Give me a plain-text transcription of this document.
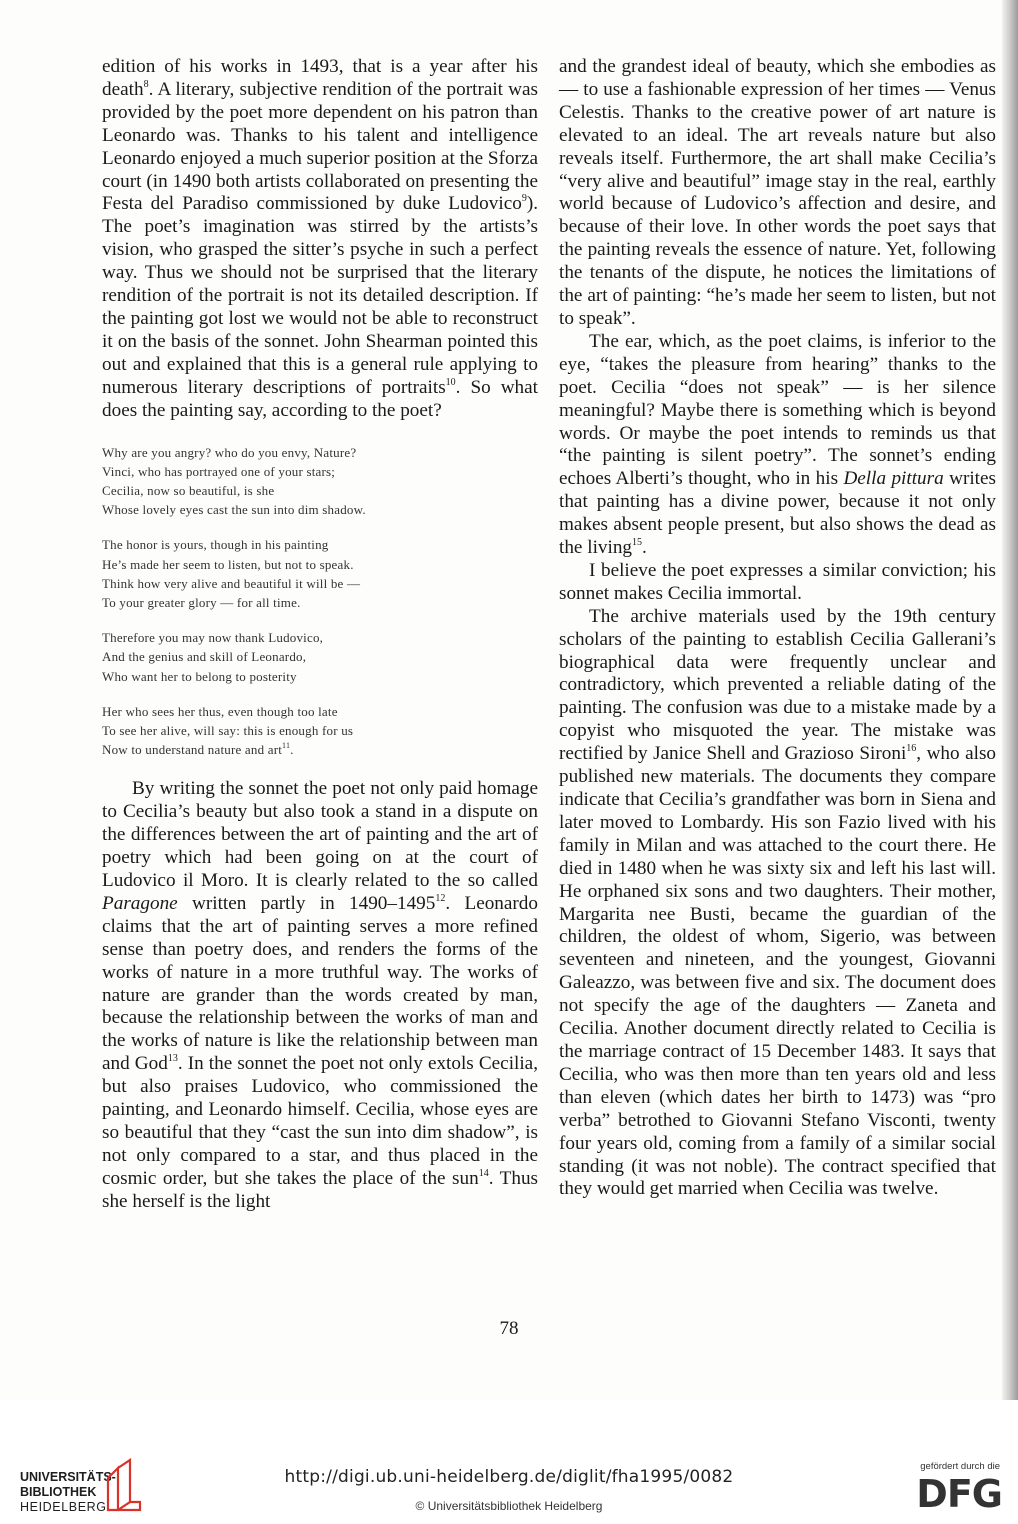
edition of his works in 1493, that is a year after his death$^8$. A literary, subjective rendition of the portrait was provided by the poet more dependent on his patron than Leonardo was. Thanks to his talent and intelligence Leonardo enjoyed a much superior position at the Sforza court (in 1490 both artists collaborated on presenting the Festa del Paradiso commissioned by duke Ludovico$^9$). The poet’s imagination was stirred by the artists’s vision, who grasped the sitter’s psyche in such a perfect way. Thus we should not be surprised that the literary rendition of the portrait is not its detailed description. If the painting got lost we would not be able to reconstruct it on the basis of the sonnet. John Shearman pointed this out and explained that this is a general rule applying to numerous literary descriptions of portraits$^{10}$. So what does the painting say, according to the poet?

Why are you angry? who do you envy, Nature?
Vinci, who has portrayed one of your stars;
Cecilia, now so beautiful, is she
Whose lovely eyes cast the sun into dim shadow.
The honor is yours, though in his painting
He’s made her seem to listen, but not to speak.
Think how very alive and beautiful it will be —
To your greater glory — for all time.
Therefore you may now thank Ludovico,
And the genius and skill of Leonardo,
Who want her to belong to posterity
Her who sees her thus, even though too late
To see her alive, will say: this is enough for us
Now to understand nature and art$^{11}$.

By writing the sonnet the poet not only paid homage to Cecilia’s beauty but also took a stand in a dispute on the differences between the art of painting and the art of poetry which had been going on at the court of Ludovico il Moro. It is clearly related to the so called Paragone written partly in 1490–1495$^{12}$. Leonardo claims that the art of painting serves a more refined sense than poetry does, and renders the forms of the works of nature in a more truthful way. The works of nature are grander than the words created by man, because the relationship between the works of man and the works of nature is like the relationship between man and God$^{13}$. In the sonnet the poet not only extols Cecilia, but also praises Ludovico, who commissioned the painting, and Leonardo himself. Cecilia, whose eyes are so beautiful that they “cast the sun into dim shadow”, is not only compared to a star, and thus placed in the cosmic order, but she takes the place of the sun$^{14}$. Thus she herself is the light

and the grandest ideal of beauty, which she embodies as — to use a fashionable expression of her times — Venus Celestis. Thanks to the creative power of art nature is elevated to an ideal. The art reveals nature but also reveals itself. Furthermore, the art shall make Cecilia’s “very alive and beautiful” image stay in the real, earthly world because of Ludovico’s affection and desire, and because of their love. In other words the poet says that the painting reveals the essence of nature. Yet, following the tenants of the dispute, he notices the limitations of the art of painting: “he’s made her seem to listen, but not to speak”.

The ear, which, as the poet claims, is inferior to the eye, “takes the pleasure from hearing” thanks to the poet. Cecilia “does not speak” — is her silence meaningful? Maybe there is something which is beyond words. Or maybe the poet intends to reminds us that “the painting is silent poetry”. The sonnet’s ending echoes Alberti’s thought, who in his Della pittura writes that painting has a divine power, because it not only makes absent people present, but also shows the dead as the living$^{15}$.

I believe the poet expresses a similar conviction; his sonnet makes Cecilia immortal.

The archive materials used by the 19th century scholars of the painting to establish Cecilia Gallerani’s biographical data were frequently unclear and contradictory, which prevented a reliable dating of the painting. The confusion was due to a mistake made by a copyist who misquoted the year. The mistake was rectified by Janice Shell and Grazioso Sironi$^{16}$, who also published new materials. The documents they compare indicate that Cecilia’s grandfather was born in Siena and later moved to Lombardy. His son Fazio lived with his family in Milan and was attached to the court there. He died in 1480 when he was sixty six and left his last will. He orphaned six sons and two daughters. Their mother, Margarita nee Busti, became the guardian of the children, the oldest of whom, Sigerio, was between seventeen and nineteen, and the youngest, Giovanni Galeazzo, was between five and six. The document does not specify the age of the daughters — Zaneta and Cecilia. Another document directly related to Cecilia is the marriage contract of 15 December 1483. It says that Cecilia, who was then more than ten years old and less than eleven (which dates her birth to 1473) was “pro verba” betrothed to Giovanni Stefano Visconti, twenty four years old, coming from a family of a similar social standing (it was not noble). The contract specified that they would get married when Cecilia was twelve.

78
UNIVERSITÄTS-
BIBLIOTHEK
HEIDELBERG
http://digi.ub.uni-heidelberg.de/diglit/fha1995/0082
© Universitätsbibliothek Heidelberg
gefördert durch die
DFG
